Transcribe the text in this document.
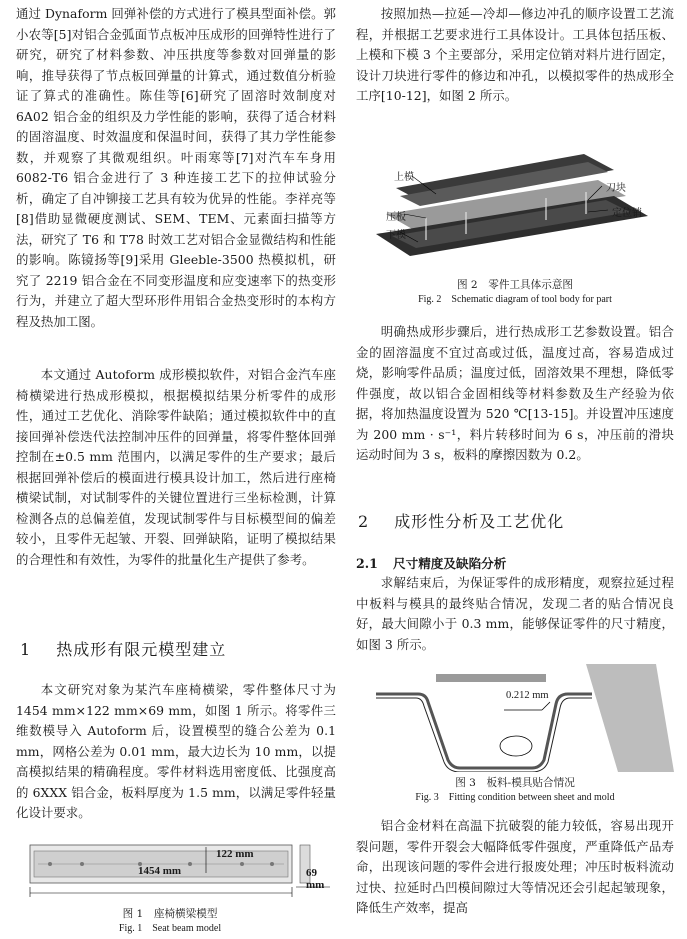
通过 Dynaform 回弹补偿的方式进行了模具型面补偿。郭小农等[5]对铝合金弧面节点板冲压成形的回弹特性进行了研究，研究了材料参数、冲压拱度等参数对回弹量的影响，推导获得了节点板回弹量的计算式，通过数值分析验证了算式的准确性。陈佳等[6]研究了固溶时效制度对 6A02 铝合金的组织及力学性能的影响，获得了适合材料的固溶温度、时效温度和保温时间，获得了其力学性能参数，并观察了其微观组织。叶雨寒等[7]对汽车车身用 6082-T6 铝合金进行了 3 种连接工艺下的拉伸试验分析，确定了自冲铆接工艺具有较为优异的性能。李祥亮等[8]借助显微硬度测试、SEM、TEM、元素面扫描等方法，研究了 T6 和 T78 时效工艺对铝合金显微结构和性能的影响。陈镜扬等[9]采用 Gleeble-3500 热模拟机，研究了 2219 铝合金在不同变形温度和应变速率下的热变形行为，并建立了超大型环形件用铝合金热变形时的本构方程及热加工图。

本文通过 Autoform 成形模拟软件，对铝合金汽车座椅横梁进行热成形模拟，根据模拟结果分析零件的成形性，通过工艺优化、消除零件缺陷；通过模拟软件中的直接回弹补偿迭代法控制冲压件的回弹量，将零件整体回弹控制在±0.5 mm 范围内，以满足零件的生产要求；最后根据回弹补偿后的模面进行模具设计加工，然后进行座椅横梁试制，对试制零件的关键位置进行三坐标检测，计算检测各点的总偏差值，发现试制零件与目标模型间的偏差较小，且零件无起皱、开裂、回弹缺陷，证明了模拟结果的合理性和有效性，为零件的批量化生产提供了参考。

1 热成形有限元模型建立

本文研究对象为某汽车座椅横梁，零件整体尺寸为 1454 mm×122 mm×69 mm，如图 1 所示。将零件三维数模导入 Autoform 后，设置模型的缝合公差为 0.1 mm，网格公差为 0.01 mm，最大边长为 10 mm，以提高模拟结果的精确程度。零件材料选用密度低、比强度高的 6XXX 铝合金，板料厚度为 1.5 mm，以满足零件轻量化设计要求。

122 mm
1454 mm	69 mm

图 1　座椅横梁模型

Fig. 1　Seat beam model

按照加热—拉延—冷却—修边冲孔的顺序设置工艺流程，并根据工艺要求进行工具体设计。工具体包括压板、上模和下模 3 个主要部分，采用定位销对料片进行固定，设计刀块进行零件的修边和冲孔，以模拟零件的热成形全工序[10-12]，如图 2 所示。

上模
压板
下模
刀块
定位销

图 2　零件工具体示意图

Fig. 2　Schematic diagram of tool body for part

明确热成形步骤后，进行热成形工艺参数设置。铝合金的固溶温度不宜过高或过低，温度过高，容易造成过烧，影响零件品质；温度过低，固溶效果不理想，降低零件强度，故以铝合金固相线等材料参数及生产经验为依据，将加热温度设置为 520 ℃[13-15]。并设置冲压速度为 200 mm · s⁻¹，料片转移时间为 6 s，冲压前的滑块运动时间为 3 s，板料的摩擦因数为 0.2。

2 成形性分析及工艺优化
2.1 尺寸精度及缺陷分析

求解结束后，为保证零件的成形精度，观察拉延过程中板料与模具的最终贴合情况，发现二者的贴合情况良好，最大间隙小于 0.3 mm，能够保证零件的尺寸精度，如图 3 所示。

0.212 mm

图 3　板料-模具贴合情况

Fig. 3　Fitting condition between sheet and mold

铝合金材料在高温下抗破裂的能力较低，容易出现开裂问题，零件开裂会大幅降低零件强度，严重降低产品寿命，出现该问题的零件会进行报废处理；冲压时板料流动过快、拉延时凸凹模间隙过大等情况还会引起起皱现象，降低生产效率，提高
